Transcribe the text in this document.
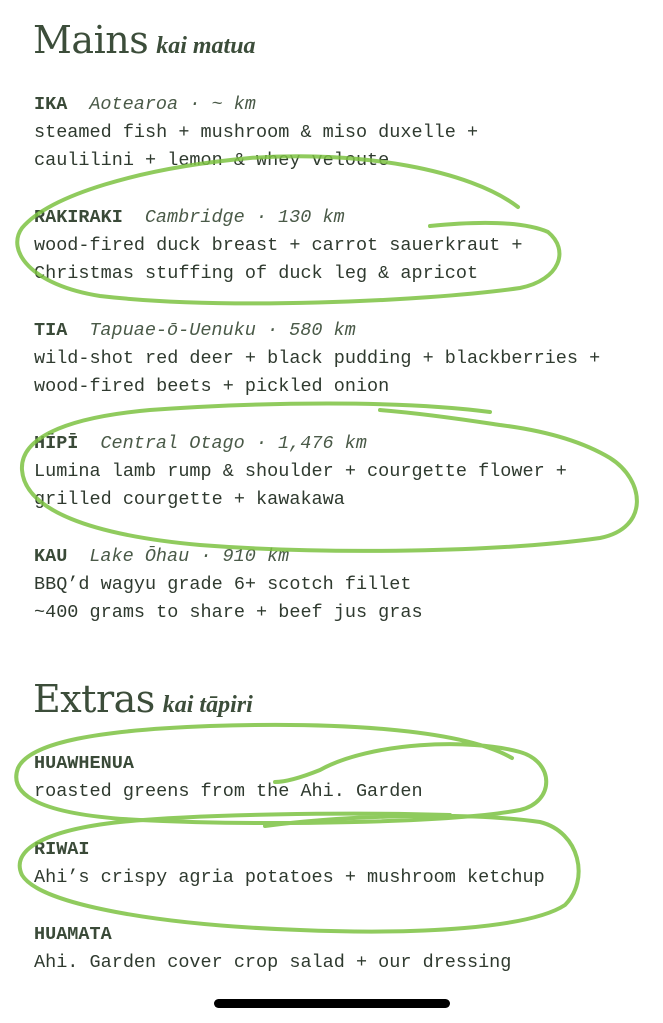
Mains kai matua
IKA Aotearoa · ~ km
steamed fish + mushroom & miso duxelle +
caulilini + lemon & whey veloute
RAKIRAKI Cambridge · 130 km
wood-fired duck breast + carrot sauerkraut +
Christmas stuffing of duck leg & apricot
TIA Tapuae-ō-Uenuku · 580 km
wild-shot red deer + black pudding + blackberries +
wood-fired beets + pickled onion
HĪPĪ Central Otago · 1,476 km
Lumina lamb rump & shoulder + courgette flower +
grilled courgette + kawakawa
KAU Lake Ōhau · 910 km
BBQ’d wagyu grade 6+ scotch fillet
~400 grams to share + beef jus gras
Extras kai tāpiri
HUAWHENUA
roasted greens from the Ahi. Garden
RIWAI
Ahi’s crispy agria potatoes + mushroom ketchup
HUAMATA
Ahi. Garden cover crop salad + our dressing
